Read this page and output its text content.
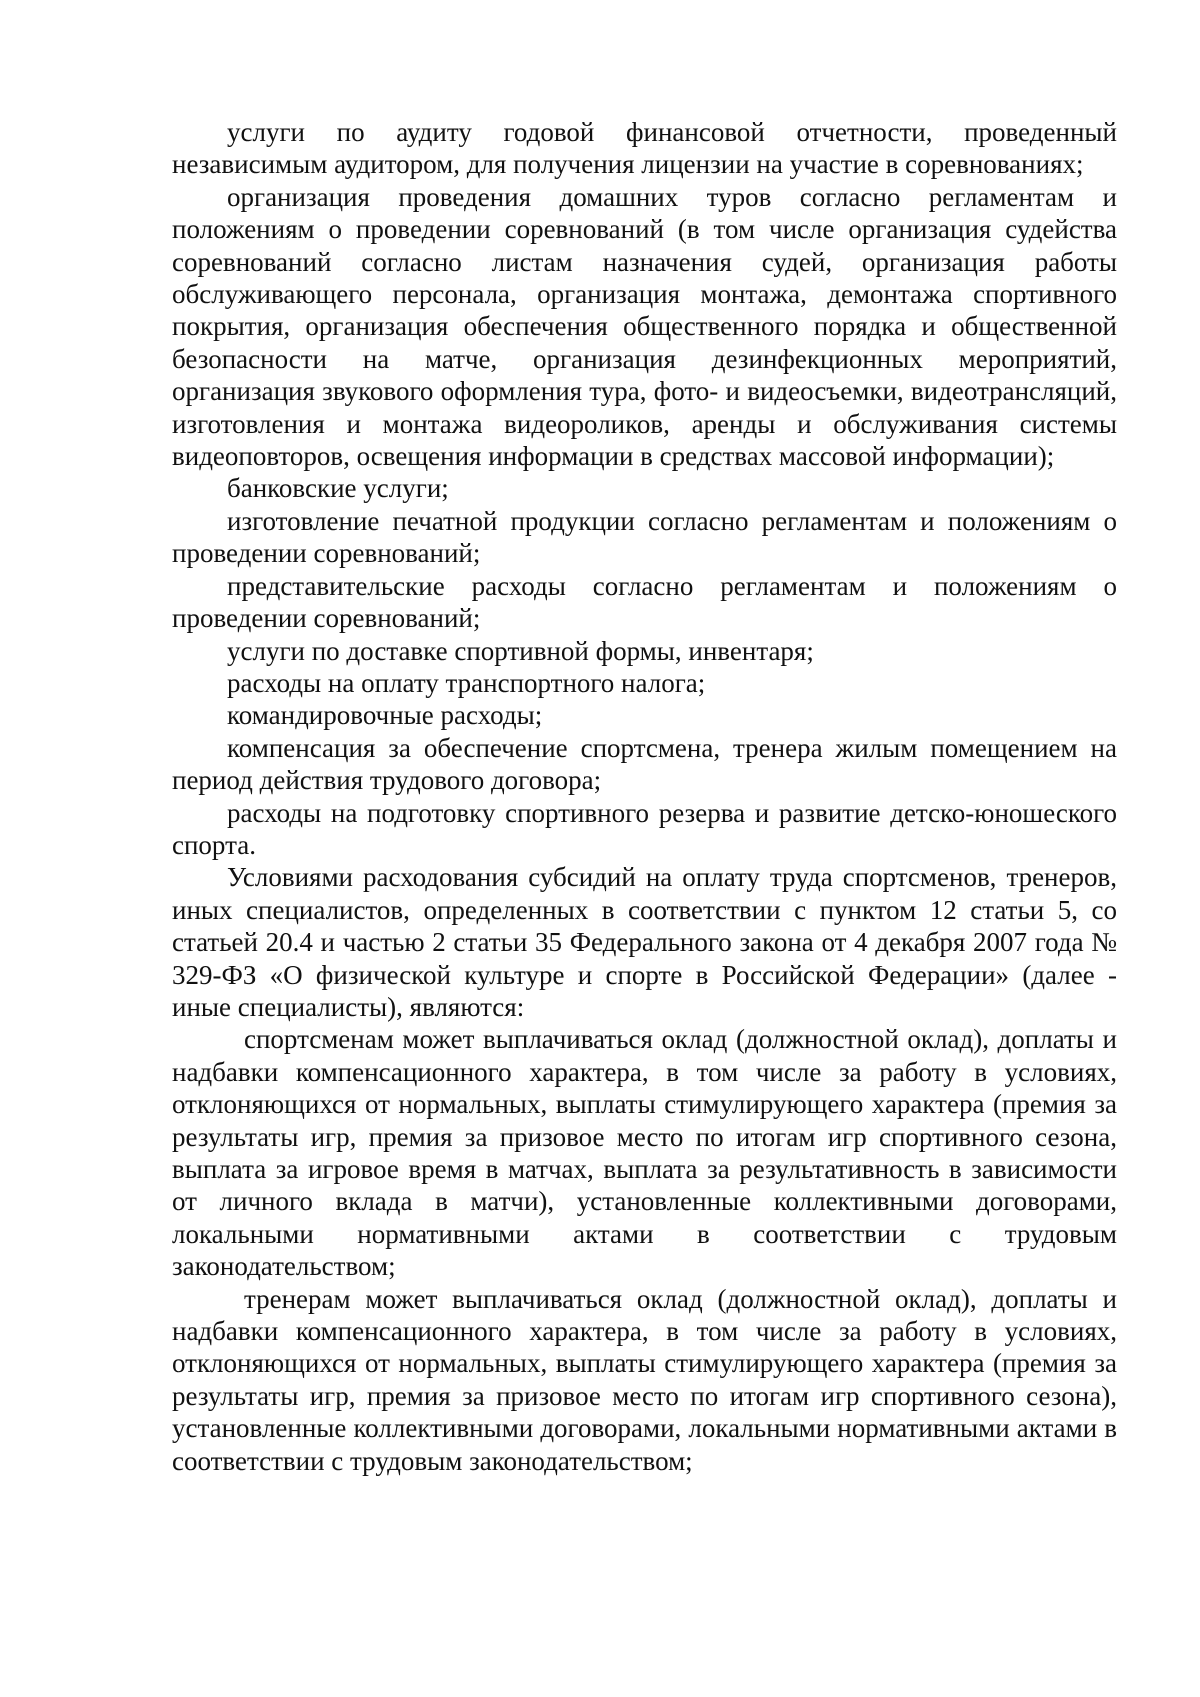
услуги по аудиту годовой финансовой отчетности, проведенный независимым аудитором, для получения лицензии на участие в соревнованиях;

организация проведения домашних туров согласно регламентам и положениям о проведении соревнований (в том числе организация судейства соревнований согласно листам назначения судей, организация работы обслуживающего персонала, организация монтажа, демонтажа спортивного покрытия, организация обеспечения общественного порядка и общественной безопасности на матче, организация дезинфекционных мероприятий, организация звукового оформления тура, фото- и видеосъемки, видеотрансляций, изготовления и монтажа видеороликов, аренды и обслуживания системы видеоповторов, освещения информации в средствах массовой информации);

банковские услуги;

изготовление печатной продукции согласно регламентам и положениям о проведении соревнований;

представительские расходы согласно регламентам и положениям о проведении соревнований;

услуги по доставке спортивной формы, инвентаря;

расходы на оплату транспортного налога;

командировочные расходы;

компенсация за обеспечение спортсмена, тренера жилым помещением на период действия трудового договора;

расходы на подготовку спортивного резерва и развитие детско-юношеского спорта.

Условиями расходования субсидий на оплату труда спортсменов, тренеров, иных специалистов, определенных в соответствии с пунктом 12 статьи 5, со статьей 20.4 и частью 2 статьи 35 Федерального закона от 4 декабря 2007 года № 329-ФЗ «О физической культуре и спорте в Российской Федерации» (далее - иные специалисты), являются:

спортсменам может выплачиваться оклад (должностной оклад), доплаты и надбавки компенсационного характера, в том числе за работу в условиях, отклоняющихся от нормальных, выплаты стимулирующего характера (премия за результаты игр, премия за призовое место по итогам игр спортивного сезона, выплата за игровое время в матчах, выплата за результативность в зависимости от личного вклада в матчи), установленные коллективными договорами, локальными нормативными актами в соответствии с трудовым законодательством;

тренерам может выплачиваться оклад (должностной оклад), доплаты и надбавки компенсационного характера, в том числе за работу в условиях, отклоняющихся от нормальных, выплаты стимулирующего характера (премия за результаты игр, премия за призовое место по итогам игр спортивного сезона), установленные коллективными договорами, локальными нормативными актами в соответствии с трудовым законодательством;
